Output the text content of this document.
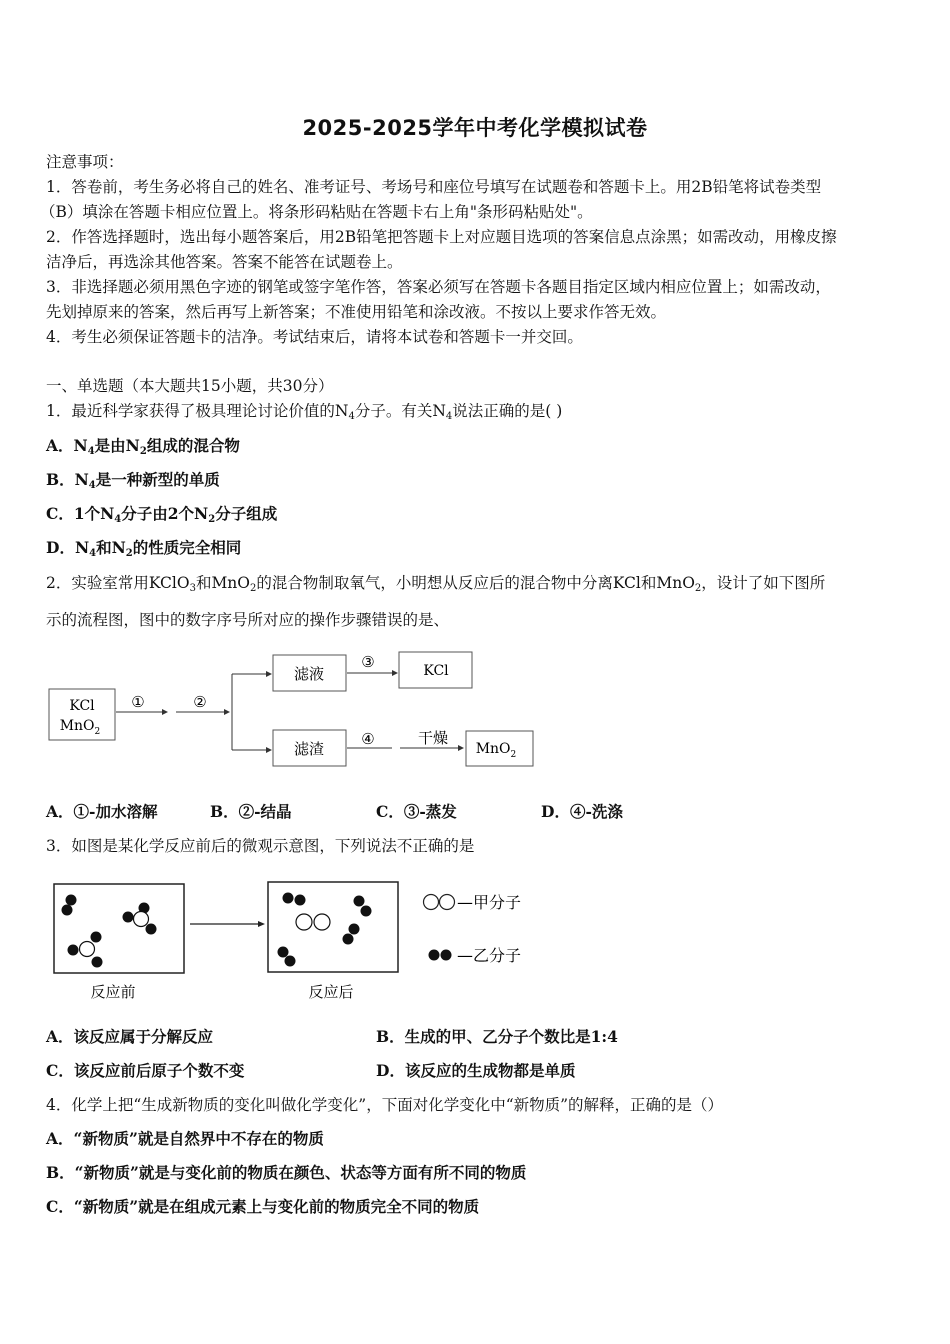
2025-2025学年中考化学模拟试卷
注意事项：
1．答卷前，考生务必将自己的姓名、准考证号、考场号和座位号填写在试题卷和答题卡上。用2B铅笔将试卷类型
（B）填涂在答题卡相应位置上。将条形码粘贴在答题卡右上角"条形码粘贴处"。
2．作答选择题时，选出每小题答案后，用2B铅笔把答题卡上对应题目选项的答案信息点涂黑；如需改动，用橡皮擦
洁净后，再选涂其他答案。答案不能答在试题卷上。
3．非选择题必须用黑色字迹的钢笔或签字笔作答，答案必须写在答题卡各题目指定区域内相应位置上；如需改动，
先划掉原来的答案，然后再写上新答案；不准使用铅笔和涂改液。不按以上要求作答无效。
4．考生必须保证答题卡的洁净。考试结束后，请将本试卷和答题卡一并交回。
一、单选题（本大题共15小题，共30分）
1．最近科学家获得了极具理论讨论价值的$N_4$分子。有关$N_4$说法正确的是( )
A．$N_4$是由$N_2$组成的混合物
B．$N_4$是一种新型的单质
C．1个$N_4$分子由2个$N_2$分子组成
D．$N_4$和$N_2$的性质完全相同
2．实验室常用KClO$_3$和MnO$_2$的混合物制取氧气，小明想从反应后的混合物中分离KCl和MnO$_2$，设计了如下图所
示的流程图，图中的数字序号所对应的操作步骤错误的是、
KCl
MnO$_2$
①	②
滤液
③	KCl
滤渣
④	干燥
MnO$_2$
A．①-加水溶解	B．②-结晶	C．③-蒸发	D．④-洗涤
3．如图是某化学反应前后的微观示意图，下列说法不正确的是
反应前	反应后
—甲分子
—乙分子
A．该反应属于分解反应	B．生成的甲、乙分子个数比是1:4
C．该反应前后原子个数不变	D．该反应的生成物都是单质
4．化学上把“生成新物质的变化叫做化学变化”，下面对化学变化中“新物质”的解释，正确的是（）
A．“新物质”就是自然界中不存在的物质
B．“新物质”就是与变化前的物质在颜色、状态等方面有所不同的物质
C．“新物质”就是在组成元素上与变化前的物质完全不同的物质
